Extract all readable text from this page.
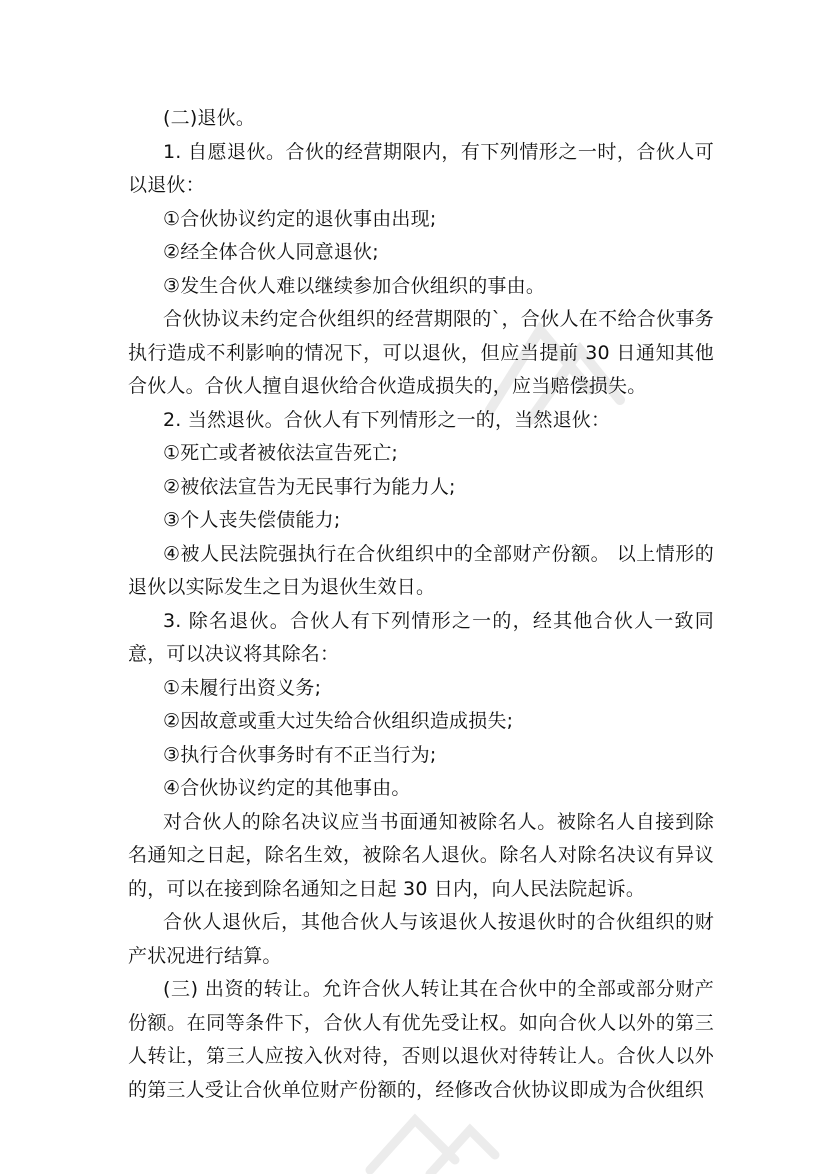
(二)退伙。

1. 自愿退伙。合伙的经营期限内，有下列情形之一时，合伙人可以退伙：

①合伙协议约定的退伙事由出现;

②经全体合伙人同意退伙;

③发生合伙人难以继续参加合伙组织的事由。

合伙协议未约定合伙组织的经营期限的`，合伙人在不给合伙事务执行造成不利影响的情况下，可以退伙，但应当提前 30 日通知其他合伙人。合伙人擅自退伙给合伙造成损失的，应当赔偿损失。

2. 当然退伙。合伙人有下列情形之一的，当然退伙：

①死亡或者被依法宣告死亡;

②被依法宣告为无民事行为能力人;

③个人丧失偿债能力;

④被人民法院强执行在合伙组织中的全部财产份额。 以上情形的退伙以实际发生之日为退伙生效日。

3. 除名退伙。合伙人有下列情形之一的，经其他合伙人一致同意，可以决议将其除名：

①未履行出资义务;

②因故意或重大过失给合伙组织造成损失;

③执行合伙事务时有不正当行为;

④合伙协议约定的其他事由。

对合伙人的除名决议应当书面通知被除名人。被除名人自接到除名通知之日起，除名生效，被除名人退伙。除名人对除名决议有异议的，可以在接到除名通知之日起 30 日内，向人民法院起诉。

合伙人退伙后，其他合伙人与该退伙人按退伙时的合伙组织的财产状况进行结算。

(三) 出资的转让。允许合伙人转让其在合伙中的全部或部分财产份额。在同等条件下，合伙人有优先受让权。如向合伙人以外的第三人转让，第三人应按入伙对待，否则以退伙对待转让人。合伙人以外的第三人受让合伙单位财产份额的，经修改合伙协议即成为合伙组织
